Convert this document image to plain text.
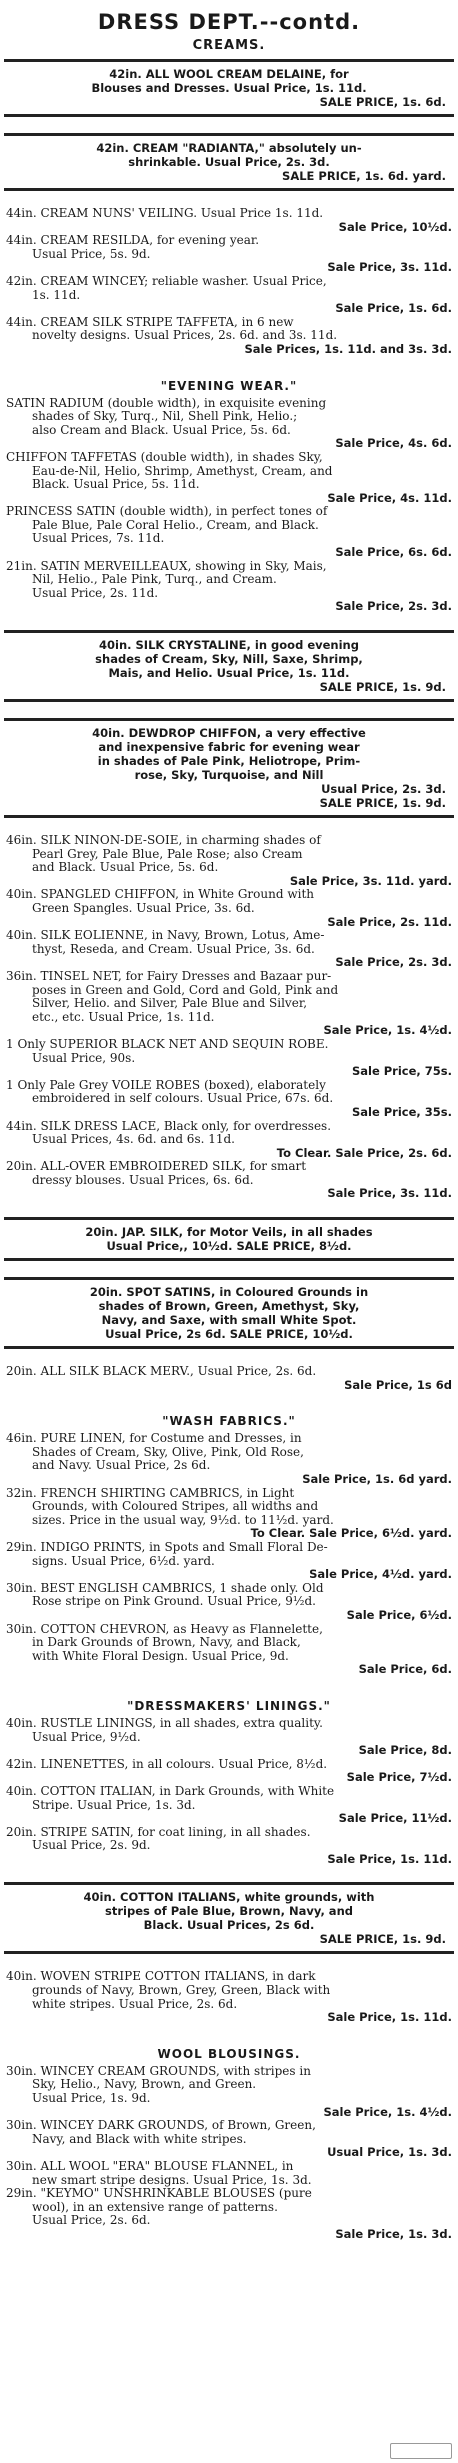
DRESS DEPT.--contd.
CREAMS.
42in. ALL WOOL CREAM DELAINE, for
Blouses and Dresses. Usual Price, 1s. 11d.
SALE PRICE, 1s. 6d.
42in. CREAM "RADIANTA," absolutely un-
shrinkable. Usual Price, 2s. 3d.
SALE PRICE, 1s. 6d. yard.
44in. CREAM NUNS' VEILING. Usual Price 1s. 11d.
Sale Price, 10½d.
44in. CREAM RESILDA, for evening year.
Usual Price, 5s. 9d.
Sale Price, 3s. 11d.
42in. CREAM WINCEY; reliable washer. Usual Price,
1s. 11d.
Sale Price, 1s. 6d.
44in. CREAM SILK STRIPE TAFFETA, in 6 new
novelty designs. Usual Prices, 2s. 6d. and 3s. 11d.
Sale Prices, 1s. 11d. and 3s. 3d.
"EVENING WEAR."
SATIN RADIUM (double width), in exquisite evening
shades of Sky, Turq., Nil, Shell Pink, Helio.;
also Cream and Black. Usual Price, 5s. 6d.
Sale Price, 4s. 6d.
CHIFFON TAFFETAS (double width), in shades Sky,
Eau-de-Nil, Helio, Shrimp, Amethyst, Cream, and
Black. Usual Price, 5s. 11d.
Sale Price, 4s. 11d.
PRINCESS SATIN (double width), in perfect tones of
Pale Blue, Pale Coral Helio., Cream, and Black.
Usual Prices, 7s. 11d.
Sale Price, 6s. 6d.
21in. SATIN MERVEILLEAUX, showing in Sky, Mais,
Nil, Helio., Pale Pink, Turq., and Cream.
Usual Price, 2s. 11d.
Sale Price, 2s. 3d.
40in. SILK CRYSTALINE, in good evening
shades of Cream, Sky, Nill, Saxe, Shrimp,
Mais, and Helio. Usual Price, 1s. 11d.
SALE PRICE, 1s. 9d.
40in. DEWDROP CHIFFON, a very effective
and inexpensive fabric for evening wear
in shades of Pale Pink, Heliotrope, Prim-
rose, Sky, Turquoise, and Nill
Usual Price, 2s. 3d.
SALE PRICE, 1s. 9d.
46in. SILK NINON-DE-SOIE, in charming shades of
Pearl Grey, Pale Blue, Pale Rose; also Cream
and Black. Usual Price, 5s. 6d.
Sale Price, 3s. 11d. yard.
40in. SPANGLED CHIFFON, in White Ground with
Green Spangles. Usual Price, 3s. 6d.
Sale Price, 2s. 11d.
40in. SILK EOLIENNE, in Navy, Brown, Lotus, Ame-
thyst, Reseda, and Cream. Usual Price, 3s. 6d.
Sale Price, 2s. 3d.
36in. TINSEL NET, for Fairy Dresses and Bazaar pur-
poses in Green and Gold, Cord and Gold, Pink and
Silver, Helio. and Silver, Pale Blue and Silver,
etc., etc. Usual Price, 1s. 11d.
Sale Price, 1s. 4½d.
1 Only SUPERIOR BLACK NET AND SEQUIN ROBE.
Usual Price, 90s.
Sale Price, 75s.
1 Only Pale Grey VOILE ROBES (boxed), elaborately
embroidered in self colours. Usual Price, 67s. 6d.
Sale Price, 35s.
44in. SILK DRESS LACE, Black only, for overdresses.
Usual Prices, 4s. 6d. and 6s. 11d.
To Clear. Sale Price, 2s. 6d.
20in. ALL-OVER EMBROIDERED SILK, for smart
dressy blouses. Usual Prices, 6s. 6d.
Sale Price, 3s. 11d.
20in. JAP. SILK, for Motor Veils, in all shades
Usual Price,, 10½d. SALE PRICE, 8½d.
20in. SPOT SATINS, in Coloured Grounds in
shades of Brown, Green, Amethyst, Sky,
Navy, and Saxe, with small White Spot.
Usual Price, 2s 6d. SALE PRICE, 10½d.
20in. ALL SILK BLACK MERV., Usual Price, 2s. 6d.
Sale Price, 1s 6d
"WASH FABRICS."
46in. PURE LINEN, for Costume and Dresses, in
Shades of Cream, Sky, Olive, Pink, Old Rose,
and Navy. Usual Price, 2s 6d.
Sale Price, 1s. 6d yard.
32in. FRENCH SHIRTING CAMBRICS, in Light
Grounds, with Coloured Stripes, all widths and
sizes. Price in the usual way, 9½d. to 11½d. yard.
To Clear. Sale Price, 6½d. yard.
29in. INDIGO PRINTS, in Spots and Small Floral De-
signs. Usual Price, 6½d. yard.
Sale Price, 4½d. yard.
30in. BEST ENGLISH CAMBRICS, 1 shade only. Old
Rose stripe on Pink Ground. Usual Price, 9½d.
Sale Price, 6½d.
30in. COTTON CHEVRON, as Heavy as Flannelette,
in Dark Grounds of Brown, Navy, and Black,
with White Floral Design. Usual Price, 9d.
Sale Price, 6d.
"DRESSMAKERS' LININGS."
40in. RUSTLE LININGS, in all shades, extra quality.
Usual Price, 9½d.
Sale Price, 8d.
42in. LINENETTES, in all colours. Usual Price, 8½d.
Sale Price, 7½d.
40in. COTTON ITALIAN, in Dark Grounds, with White
Stripe. Usual Price, 1s. 3d.
Sale Price, 11½d.
20in. STRIPE SATIN, for coat lining, in all shades.
Usual Price, 2s. 9d.
Sale Price, 1s. 11d.
40in. COTTON ITALIANS, white grounds, with
stripes of Pale Blue, Brown, Navy, and
Black. Usual Prices, 2s 6d.
SALE PRICE, 1s. 9d.
40in. WOVEN STRIPE COTTON ITALIANS, in dark
grounds of Navy, Brown, Grey, Green, Black with
white stripes. Usual Price, 2s. 6d.
Sale Price, 1s. 11d.
WOOL BLOUSINGS.
30in. WINCEY CREAM GROUNDS, with stripes in
Sky, Helio., Navy, Brown, and Green.
Usual Price, 1s. 9d.
Sale Price, 1s. 4½d.
30in. WINCEY DARK GROUNDS, of Brown, Green,
Navy, and Black with white stripes.
Usual Price, 1s. 3d.
30in. ALL WOOL "ERA" BLOUSE FLANNEL, in
new smart stripe designs. Usual Price, 1s. 3d.
29in. "KEYMO" UNSHRINKABLE BLOUSES (pure
wool), in an extensive range of patterns.
Usual Price, 2s. 6d.
Sale Price, 1s. 3d.
